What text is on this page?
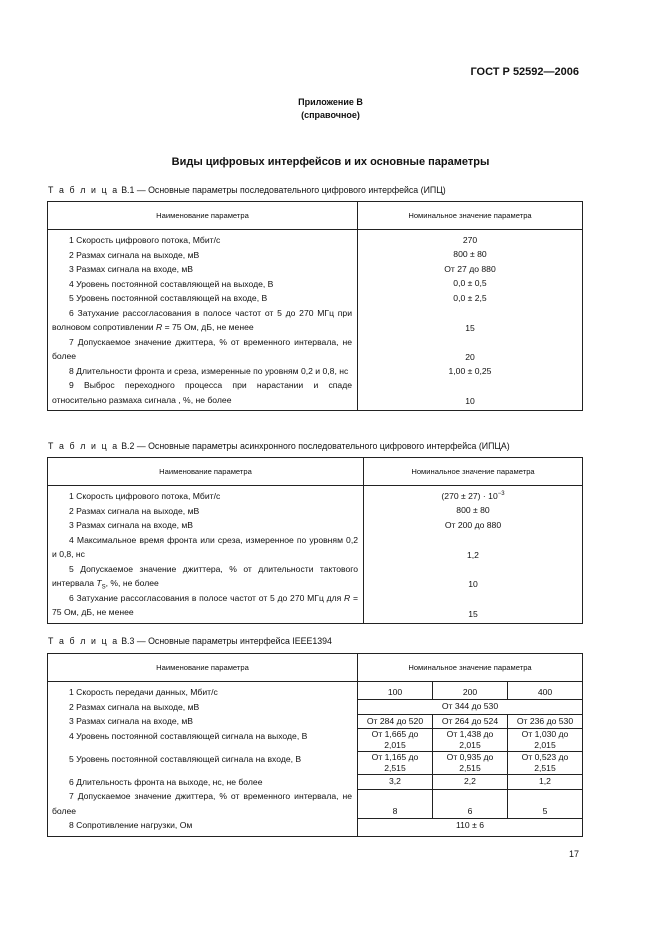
ГОСТ Р 52592—2006
Приложение В
(справочное)
Виды цифровых интерфейсов и их основные параметры
Т а б л и ц а В.1 — Основные параметры последовательного цифрового интерфейса (ИПЦ)
Наименование параметра	Номинальное значение параметра
1 Скорость цифрового потока, Мбит/с	270
2 Размах сигнала на выходе, мВ	800 ± 80
3 Размах сигнала на входе, мВ	От 27 до 880
4 Уровень постоянной составляющей на выходе, В	0,0 ± 0,5
5 Уровень постоянной составляющей на входе, В	0,0 ± 2,5
6 Затухание рассогласования в полосе частот от 5 до 270 МГц при волновом сопротивлении R = 75 Ом, дБ, не менее	15
7 Допускаемое значение джиттера, % от временного интервала, не более	20
8 Длительности фронта и среза, измеренные по уровням 0,2 и 0,8, нс	1,00 ± 0,25
9 Выброс переходного процесса при нарастании и спаде относительно размаха сигнала , %, не более	10
Т а б л и ц а В.2 — Основные параметры асинхронного последовательного цифрового интерфейса (ИПЦА)
Наименование параметра	Номинальное значение параметра
1 Скорость цифрового потока, Мбит/с	$(270 \pm 27) \cdot 10^{-3}$
2 Размах сигнала на выходе, мВ	800 ± 80
3 Размах сигнала на входе, мВ	От 200 до 880
4 Максимальное время фронта или среза, измеренное по уровням 0,2 и 0,8, нс	1,2
5 Допускаемое значение джиттера, % от длительности тактового интервала $T_S$, %, не более	10
6 Затухание рассогласования в полосе частот от 5 до 270 МГц для R = 75 Ом, дБ, не менее	15
Т а б л и ц а В.3 — Основные параметры интерфейса IEEE1394
Наименование параметра	Номинальное значение параметра		
1 Скорость передачи данных, Мбит/с	100	200	400
2 Размах сигнала на выходе, мВ	От 344 до 530		
3 Размах сигнала на входе, мВ	От 284 до 520	От 264 до 524	От 236 до 530
4 Уровень постоянной составляющей сигнала на выходе, В	От 1,665 до 2,015	От 1,438 до 2,015	От 1,030 до 2,015
5 Уровень постоянной составляющей сигнала на входе, В	От 1,165 до 2,515	От 0,935 до 2,515	От 0,523 до 2,515
6 Длительность фронта на выходе, нс, не более	3,2	2,2	1,2
7 Допускаемое значение джиттера, % от временного интервала, не более	8	6	5
8 Сопротивление нагрузки, Ом	110 ± 6		
17
